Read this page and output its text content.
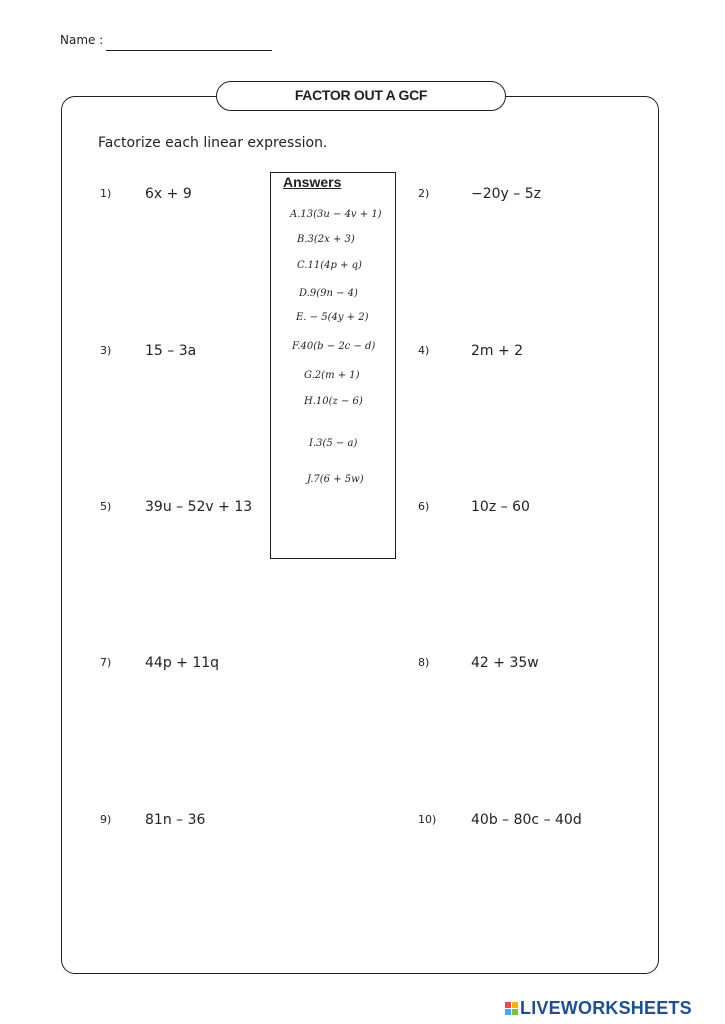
Name :
FACTOR OUT A GCF
Factorize each linear expression.
1) 6x + 9	2)	−20y – 5z
3) 15 – 3a	4)	2m + 2
5) 39u – 52v + 13	6)	10z – 60
7) 44p + 11q	8)	42 + 35w
9) 81n – 36	10) 40b – 80c – 40d
Answers
A.13(3u − 4v + 1)
B.3(2x + 3)
C.11(4p + q)
D.9(9n − 4)
E. − 5(4y + 2)
F.40(b − 2c − d)
G.2(m + 1)
H.10(z − 6)
I.3(5 − a)
J.7(6 + 5w)
LIVEWORKSHEETS
